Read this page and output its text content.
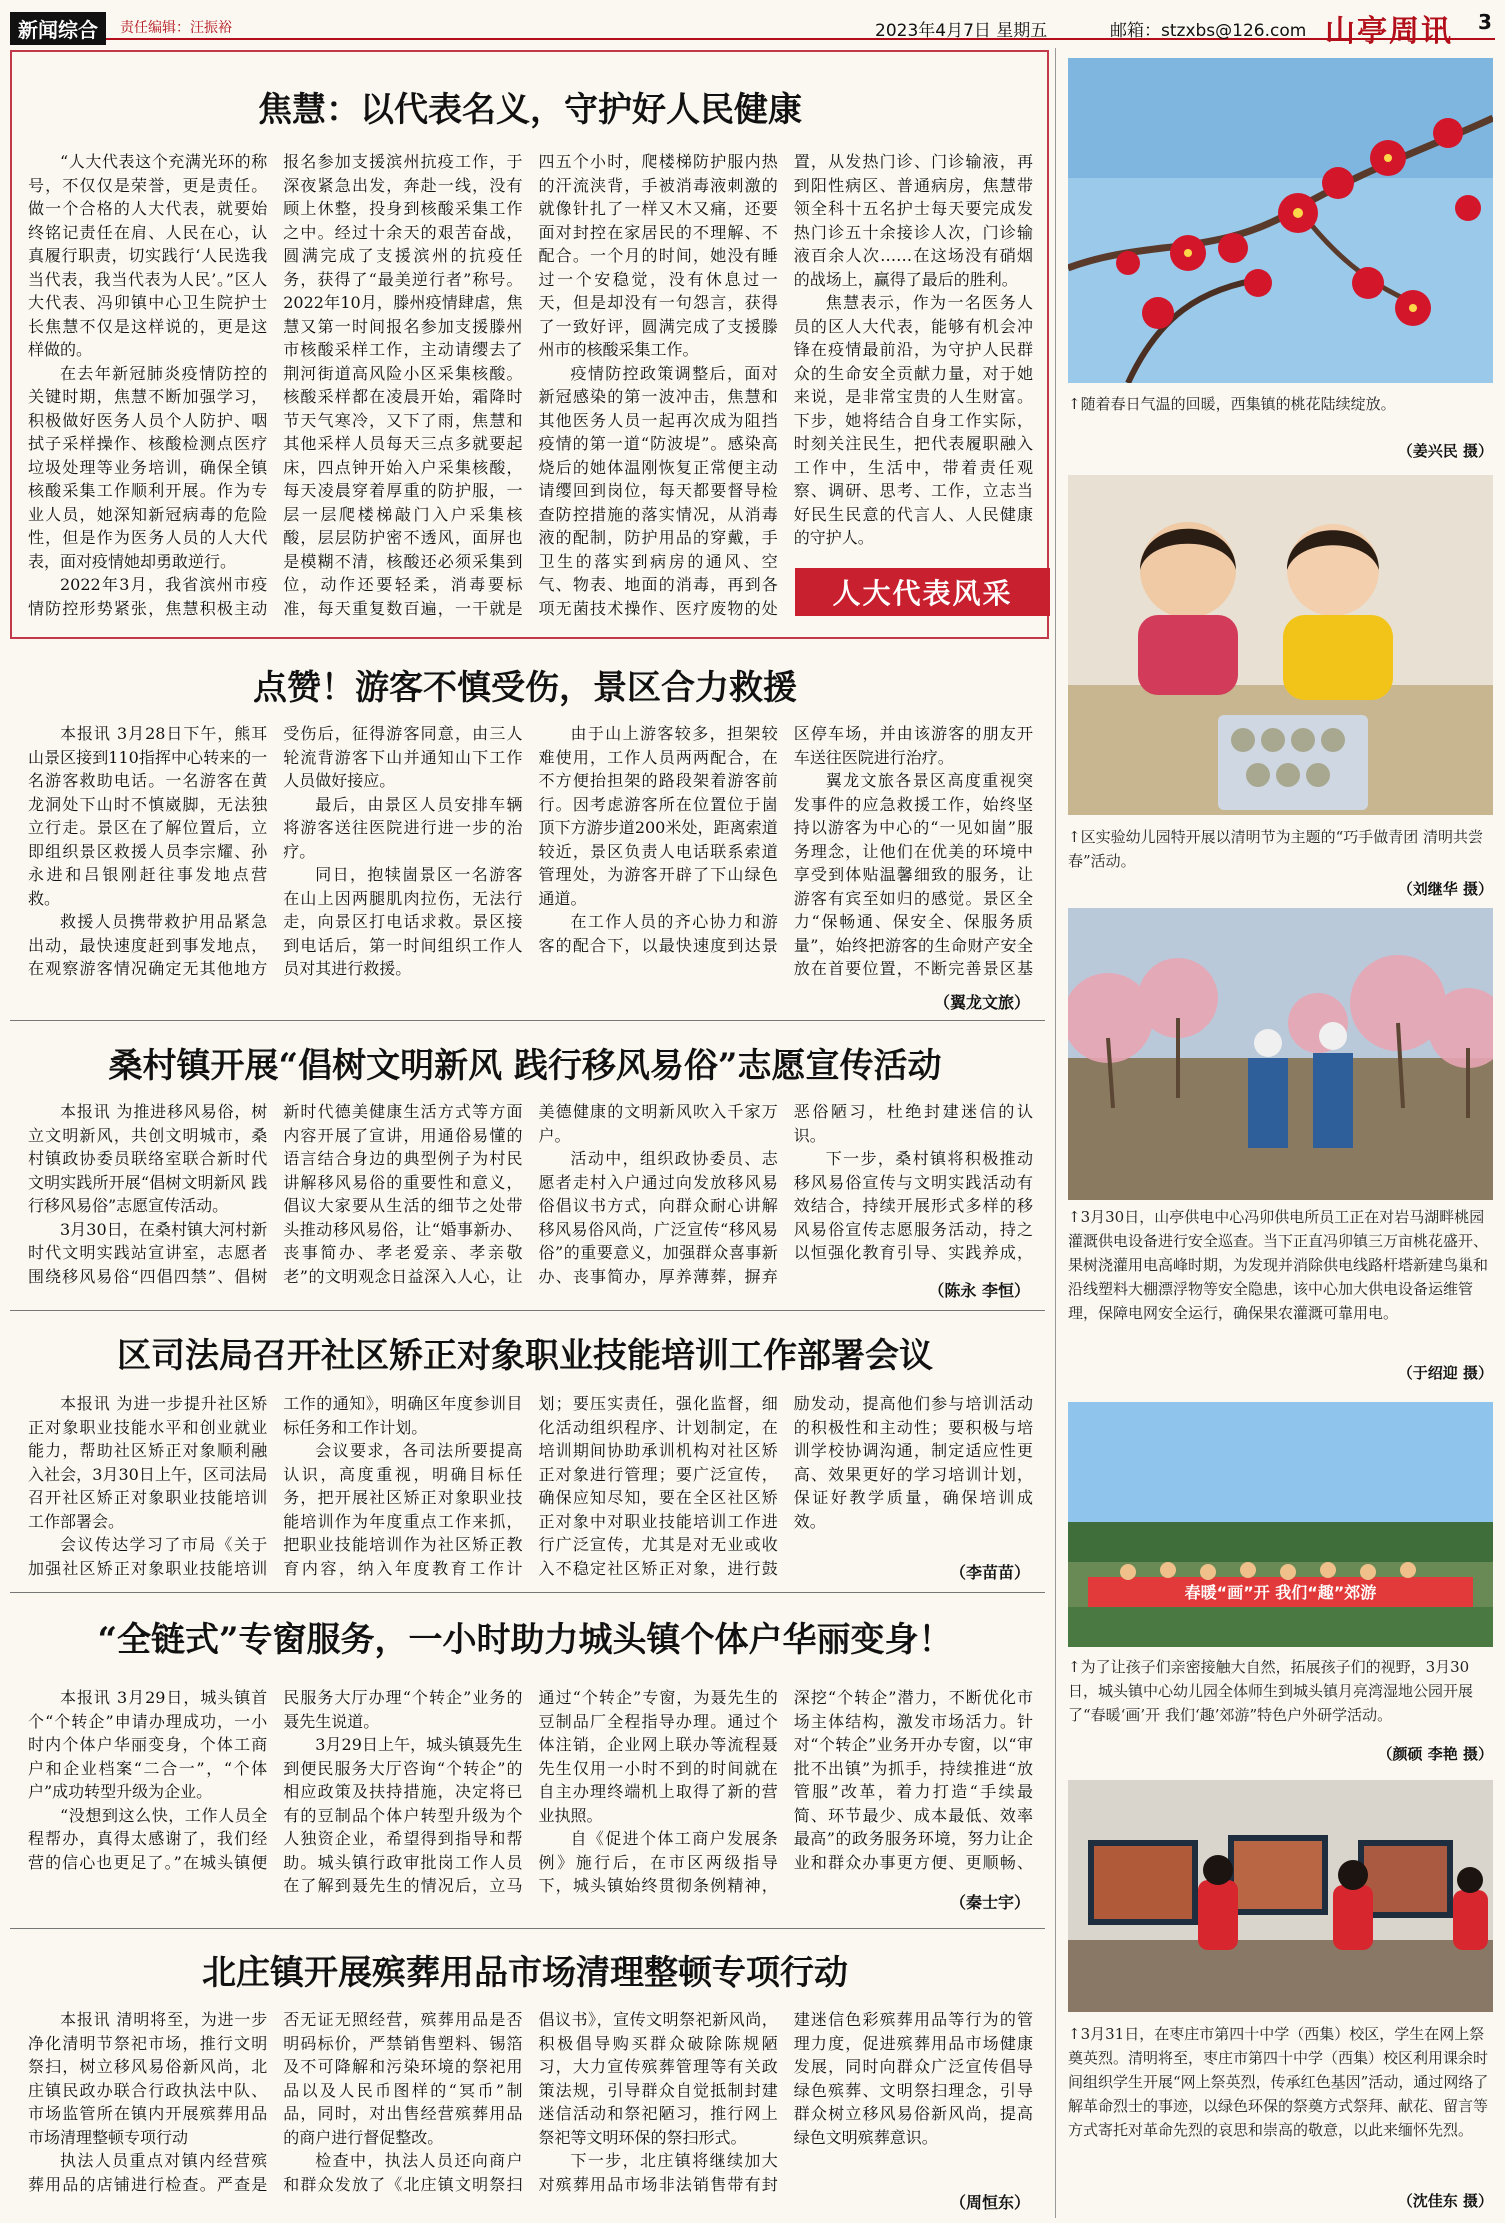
新闻综合	责任编辑：汪振裕	2023年4月7日 星期五	邮箱：stzxbs@126.com 山亭周讯 3
焦慧：以代表名义，守护好人民健康

“人大代表这个充满光环的称号，不仅仅是荣誉，更是责任。做一个合格的人大代表，就要始终铭记责任在肩、人民在心，认真履行职责，切实践行‘人民选我当代表，我当代表为人民’。”区人大代表、冯卯镇中心卫生院护士长焦慧不仅是这样说的，更是这样做的。

在去年新冠肺炎疫情防控的关键时期，焦慧不断加强学习，积极做好医务人员个人防护、咽拭子采样操作、核酸检测点医疗垃圾处理等业务培训，确保全镇核酸采集工作顺利开展。作为专业人员，她深知新冠病毒的危险性，但是作为医务人员的人大代表，面对疫情她却勇敢逆行。

2022年3月，我省滨州市疫情防控形势紧张，焦慧积极主动报名参加支援滨州抗疫工作，于深夜紧急出发，奔赴一线，没有顾上休整，投身到核酸采集工作之中。经过十余天的艰苦奋战，圆满完成了支援滨州的抗疫任务，获得了“最美逆行者”称号。2022年10月，滕州疫情肆虐，焦慧又第一时间报名参加支援滕州市核酸采样工作，主动请缨去了荆河街道高风险小区采集核酸。核酸采样都在凌晨开始，霜降时节天气寒冷，又下了雨，焦慧和其他采样人员每天三点多就要起床，四点钟开始入户采集核酸，每天凌晨穿着厚重的防护服，一层一层爬楼梯敲门入户采集核酸，层层防护密不透风，面屏也是模糊不清，核酸还必须采集到位，动作还要轻柔，消毒要标准，每天重复数百遍，一干就是四五个小时，爬楼梯防护服内热的汗流浃背，手被消毒液刺激的就像针扎了一样又木又痛，还要面对封控在家居民的不理解、不配合。一个月的时间，她没有睡过一个安稳觉，没有休息过一天，但是却没有一句怨言，获得了一致好评，圆满完成了支援滕州市的核酸采集工作。

疫情防控政策调整后，面对新冠感染的第一波冲击，焦慧和其他医务人员一起再次成为阻挡疫情的第一道“防波堤”。感染高烧后的她体温刚恢复正常便主动请缨回到岗位，每天都要督导检查防控措施的落实情况，从消毒液的配制，防护用品的穿戴，手卫生的落实到病房的通风、空气、物表、地面的消毒，再到各项无菌技术操作、医疗废物的处置，从发热门诊、门诊输液，再到阳性病区、普通病房，焦慧带领全科十五名护士每天要完成发热门诊五十余接诊人次，门诊输液百余人次……在这场没有硝烟的战场上，赢得了最后的胜利。

焦慧表示，作为一名医务人员的区人大代表，能够有机会冲锋在疫情最前沿，为守护人民群众的生命安全贡献力量，对于她来说，是非常宝贵的人生财富。下步，她将结合自身工作实际，时刻关注民生，把代表履职融入工作中，生活中，带着责任观察、调研、思考、工作，立志当好民生民意的代言人、人民健康的守护人。

人大代表风采
点赞！游客不慎受伤，景区合力救援

本报讯 3月28日下午，熊耳山景区接到110指挥中心转来的一名游客救助电话。一名游客在黄龙洞处下山时不慎崴脚，无法独立行走。景区在了解位置后，立即组织景区救援人员李宗耀、孙永进和吕银刚赶往事发地点营救。

救援人员携带救护用品紧急出动，最快速度赶到事发地点，在观察游客情况确定无其他地方受伤后，征得游客同意，由三人轮流背游客下山并通知山下工作人员做好接应。

最后，由景区人员安排车辆将游客送往医院进行进一步的治疗。

同日，抱犊崮景区一名游客在山上因两腿肌肉拉伤，无法行走，向景区打电话求救。景区接到电话后，第一时间组织工作人员对其进行救援。

由于山上游客较多，担架较难使用，工作人员两两配合，在不方便抬担架的路段架着游客前行。因考虑游客所在位置位于崮顶下方游步道200米处，距离索道较近，景区负责人电话联系索道管理处，为游客开辟了下山绿色通道。

在工作人员的齐心协力和游客的配合下，以最快速度到达景区停车场，并由该游客的朋友开车送往医院进行治疗。

翼龙文旅各景区高度重视突发事件的应急救援工作，始终坚持以游客为中心的“一见如崮”服务理念，让他们在优美的环境中享受到体贴温馨细致的服务，让游客有宾至如归的感觉。景区全力“保畅通、保安全、保服务质量”，始终把游客的生命财产安全放在首要位置，不断完善景区基

（翼龙文旅）
桑村镇开展“倡树文明新风 践行移风易俗”志愿宣传活动

本报讯 为推进移风易俗，树立文明新风，共创文明城市，桑村镇政协委员联络室联合新时代文明实践所开展“倡树文明新风 践行移风易俗”志愿宣传活动。

3月30日，在桑村镇大河村新时代文明实践站宣讲室，志愿者围绕移风易俗“四倡四禁”、倡树新时代德美健康生活方式等方面内容开展了宣讲，用通俗易懂的语言结合身边的典型例子为村民讲解移风易俗的重要性和意义，倡议大家要从生活的细节之处带头推动移风易俗，让“婚事新办、丧事简办、孝老爱亲、孝亲敬老”的文明观念日益深入人心，让美德健康的文明新风吹入千家万户。

活动中，组织政协委员、志愿者走村入户通过向发放移风易俗倡议书方式，向群众耐心讲解移风易俗风尚，广泛宣传“移风易俗”的重要意义，加强群众喜事新办、丧事简办，厚养薄葬，摒弃恶俗陋习，杜绝封建迷信的认识。

下一步，桑村镇将积极推动移风易俗宣传与文明实践活动有效结合，持续开展形式多样的移风易俗宣传志愿服务活动，持之以恒强化教育引导、实践养成，

（陈永 李恒）
区司法局召开社区矫正对象职业技能培训工作部署会议

本报讯 为进一步提升社区矫正对象职业技能水平和创业就业能力，帮助社区矫正对象顺利融入社会，3月30日上午，区司法局召开社区矫正对象职业技能培训工作部署会。

会议传达学习了市局《关于加强社区矫正对象职业技能培训工作的通知》，明确区年度参训目标任务和工作计划。

会议要求，各司法所要提高认识，高度重视，明确目标任务，把开展社区矫正对象职业技能培训作为年度重点工作来抓，把职业技能培训作为社区矫正教育内容，纳入年度教育工作计划；要压实责任，强化监督，细化活动组织程序、计划制定，在培训期间协助承训机构对社区矫正对象进行管理；要广泛宣传，确保应知尽知，要在全区社区矫正对象中对职业技能培训工作进行广泛宣传，尤其是对无业或收入不稳定社区矫正对象，进行鼓励发动，提高他们参与培训活动的积极性和主动性；要积极与培训学校协调沟通，制定适应性更高、效果更好的学习培训计划，保证好教学质量，确保培训成效。

（李苗苗）
“全链式”专窗服务，一小时助力城头镇个体户华丽变身！

本报讯 3月29日，城头镇首个“个转企”申请办理成功，一小时内个体户华丽变身，个体工商户和企业档案“二合一”，“个体户”成功转型升级为企业。

“没想到这么快，工作人员全程帮办，真得太感谢了，我们经营的信心也更足了。”在城头镇便民服务大厅办理“个转企”业务的聂先生说道。

3月29日上午，城头镇聂先生到便民服务大厅咨询“个转企”的相应政策及扶持措施，决定将已有的豆制品个体户转型升级为个人独资企业，希望得到指导和帮助。城头镇行政审批岗工作人员在了解到聂先生的情况后，立马通过“个转企”专窗，为聂先生的豆制品厂全程指导办理。通过个体注销，企业网上联办等流程聂先生仅用一小时不到的时间就在自主办理终端机上取得了新的营业执照。

自《促进个体工商户发展条例》施行后，在市区两级指导下，城头镇始终贯彻条例精神，深挖“个转企”潜力，不断优化市场主体结构，激发市场活力。针对“个转企”业务开办专窗，以“审批不出镇”为抓手，持续推进“放管服”改革，着力打造“手续最简、环节最少、成本最低、效率最高”的政务服务环境，努力让企业和群众办事更方便、更顺畅、

（秦士宇）
北庄镇开展殡葬用品市场清理整顿专项行动

本报讯 清明将至，为进一步净化清明节祭祀市场，推行文明祭扫，树立移风易俗新风尚，北庄镇民政办联合行政执法中队、市场监管所在镇内开展殡葬用品市场清理整顿专项行动

执法人员重点对镇内经营殡葬用品的店铺进行检查。严查是否无证无照经营，殡葬用品是否明码标价，严禁销售塑料、锡箔及不可降解和污染环境的祭祀用品以及人民币图样的“冥币”制品，同时，对出售经营殡葬用品的商户进行督促整改。

检查中，执法人员还向商户和群众发放了《北庄镇文明祭扫倡议书》，宣传文明祭祀新风尚，积极倡导购买群众破除陈规陋习，大力宣传殡葬管理等有关政策法规，引导群众自觉抵制封建迷信活动和祭祀陋习，推行网上祭祀等文明环保的祭扫形式。

下一步，北庄镇将继续加大对殡葬用品市场非法销售带有封建迷信色彩殡葬用品等行为的管理力度，促进殡葬用品市场健康发展，同时向群众广泛宣传倡导绿色殡葬、文明祭扫理念，引导群众树立移风易俗新风尚，提高绿色文明殡葬意识。

（周恒东）
↑随着春日气温的回暖，西集镇的桃花陆续绽放。
（姜兴民 摄）
↑区实验幼儿园特开展以清明节为主题的“巧手做青团 清明共尝春”活动。
（刘继华 摄）
↑3月30日，山亭供电中心冯卯供电所员工正在对岩马湖畔桃园灌溉供电设备进行安全巡查。当下正直冯卯镇三万亩桃花盛开、果树浇灌用电高峰时期，为发现并消除供电线路杆塔新建鸟巢和沿线塑料大棚漂浮物等安全隐患，该中心加大供电设备运维管理，保障电网安全运行，确保果农灌溉可靠用电。
（于绍迎 摄）
春暖“画”开 我们“趣”郊游
↑为了让孩子们亲密接触大自然，拓展孩子们的视野，3月30日，城头镇中心幼儿园全体师生到城头镇月亮湾湿地公园开展了“春暖‘画’开 我们‘趣’郊游”特色户外研学活动。
（颜硕 李艳 摄）
↑3月31日，在枣庄市第四十中学（西集）校区，学生在网上祭奠英烈。清明将至，枣庄市第四十中学（西集）校区利用课余时间组织学生开展“网上祭英烈，传承红色基因”活动，通过网络了解革命烈士的事迹，以绿色环保的祭奠方式祭拜、献花、留言等方式寄托对革命先烈的哀思和崇高的敬意，以此来缅怀先烈。
（沈佳东 摄）
